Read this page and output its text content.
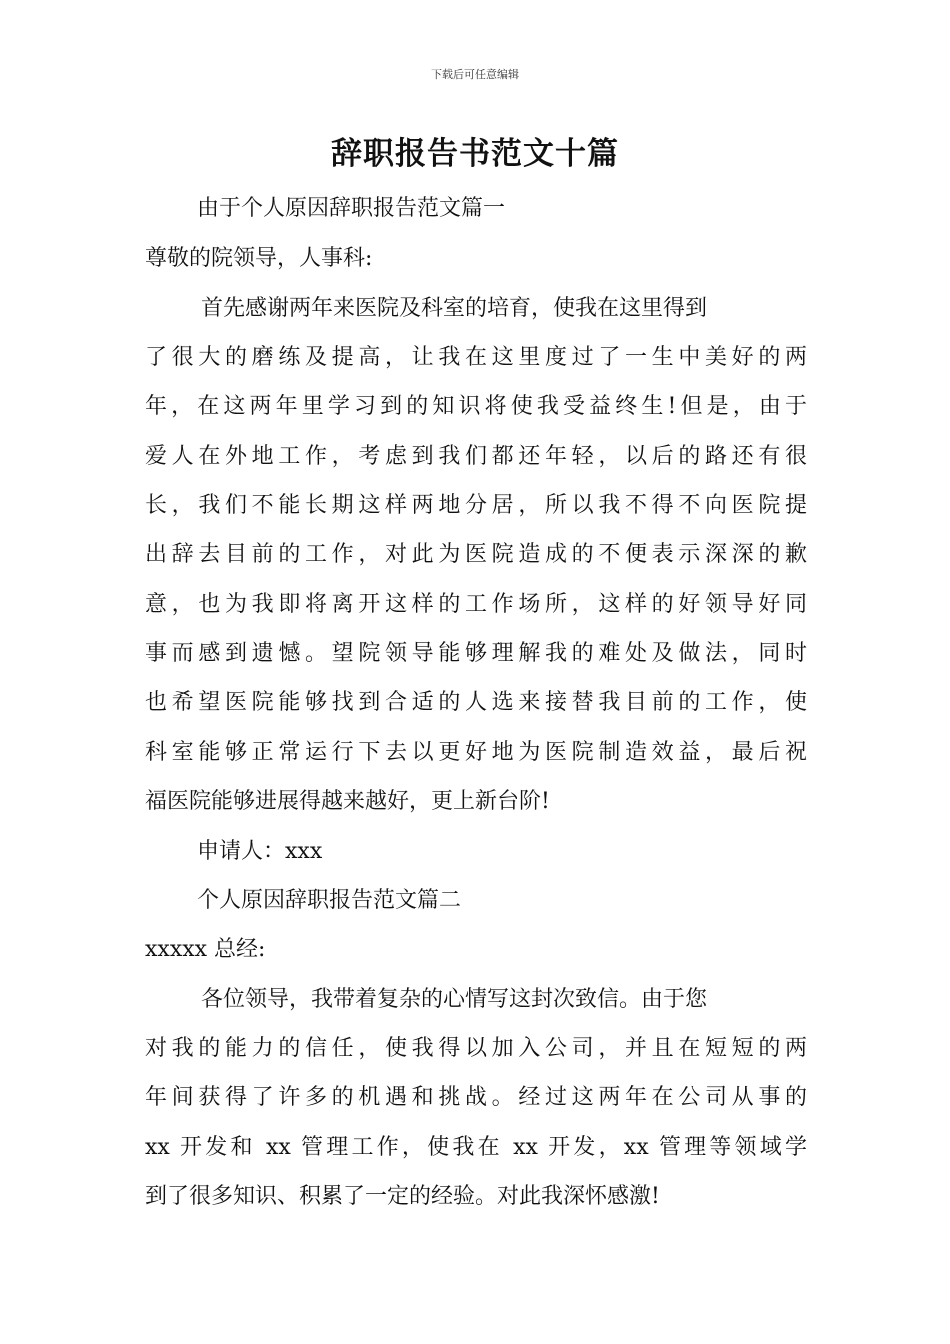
下载后可任意编辑
辞职报告书范文十篇
由于个人原因辞职报告范文篇一
尊敬的院领导，人事科:
首先感谢两年来医院及科室的培育，使我在这里得到
了很大的磨练及提高，让我在这里度过了一生中美好的两
年，在这两年里学习到的知识将使我受益终生!但是，由于
爱人在外地工作，考虑到我们都还年轻，以后的路还有很
长，我们不能长期这样两地分居，所以我不得不向医院提
出辞去目前的工作，对此为医院造成的不便表示深深的歉
意，也为我即将离开这样的工作场所，这样的好领导好同
事而感到遗憾。望院领导能够理解我的难处及做法，同时
也希望医院能够找到合适的人选来接替我目前的工作，使
科室能够正常运行下去以更好地为医院制造效益，最后祝
福医院能够进展得越来越好，更上新台阶!
申请人：xxx
个人原因辞职报告范文篇二
xxxxx 总经:
各位领导，我带着复杂的心情写这封次致信。由于您
对我的能力的信任，使我得以加入公司，并且在短短的两
年间获得了许多的机遇和挑战。经过这两年在公司从事的
xx 开发和 xx 管理工作，使我在 xx 开发，xx 管理等领域学
到了很多知识、积累了一定的经验。对此我深怀感激!
